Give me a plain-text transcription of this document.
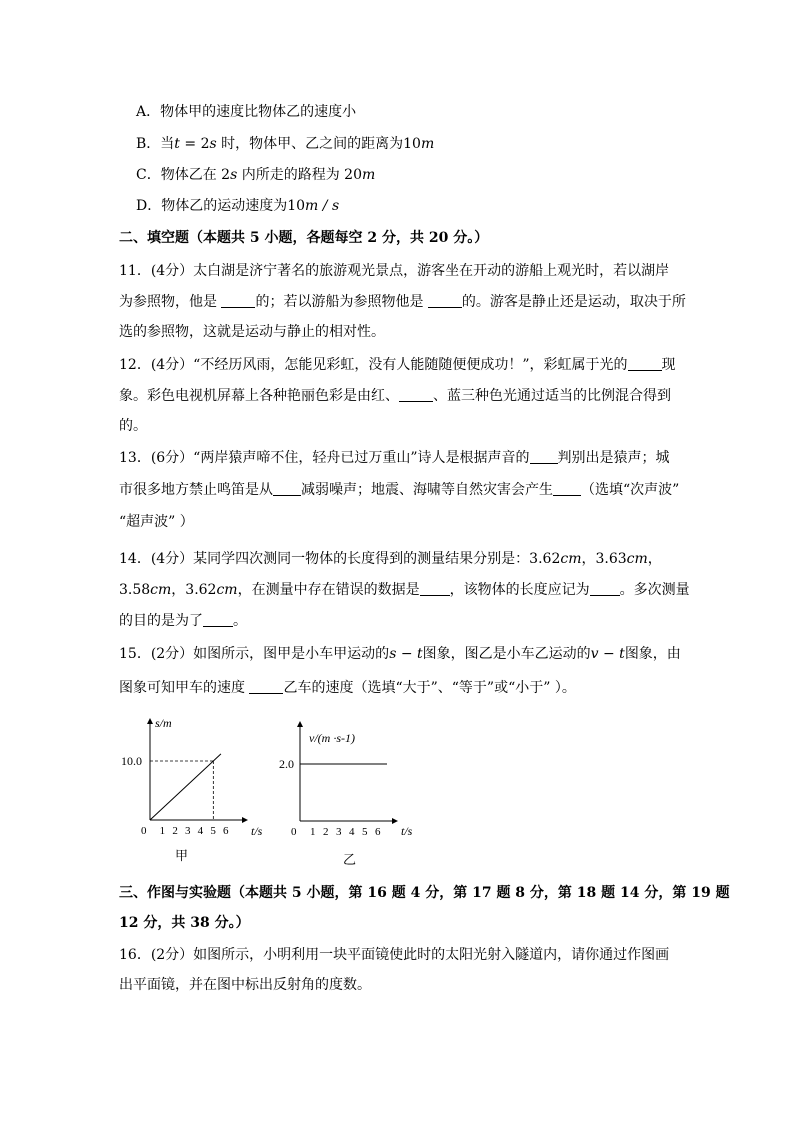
A．物体甲的速度比物体乙的速度小
B．当t = 2s 时，物体甲、乙之间的距离为10m
C．物体乙在 2s 内所走的路程为 20m
D．物体乙的运动速度为10m / s
二、填空题（本题共 5 小题，各题每空 2 分，共 20 分。）
11．(4分）太白湖是济宁著名的旅游观光景点，游客坐在开动的游船上观光时，若以湖岸
为参照物，他是 的；若以游船为参照物他是 的。游客是静止还是运动，取决于所
选的参照物，这就是运动与静止的相对性。
12．(4分）“不经历风雨，怎能见彩虹，没有人能随随便便成功！”，彩虹属于光的 现
象。彩色电视机屏幕上各种艳丽色彩是由红、 、蓝三种色光通过适当的比例混合得到
的。
13．(6分）“两岸猿声啼不住，轻舟已过万重山”诗人是根据声音的 判别出是猿声；城
市很多地方禁止鸣笛是从 减弱噪声；地震、海啸等自然灾害会产生 （选填“次声波”
“超声波” ）
14．(4分）某同学四次测同一物体的长度得到的测量结果分别是：3.62cm，3.63cm，
3.58cm，3.62cm，在测量中存在错误的数据是 ，该物体的长度应记为 。多次测量
的目的是为了 。
15．(2分）如图所示，图甲是小车甲运动的s − t图象，图乙是小车乙运动的v − t图象，由
图象可知甲车的速度 乙车的速度（选填“大于”、“等于”或“小于” ）。
s/m
10.0
0 1 2 3 4 5 6 t/s
甲
v/(m ·s-1)
2.0
0 1 2 3 4 5 6 t/s
乙
三、作图与实验题（本题共 5 小题，第 16 题 4 分，第 17 题 8 分，第 18 题 14 分，第 19 题
12 分，共 38 分。）
16．(2分）如图所示，小明利用一块平面镜使此时的太阳光射入隧道内，请你通过作图画
出平面镜，并在图中标出反射角的度数。
